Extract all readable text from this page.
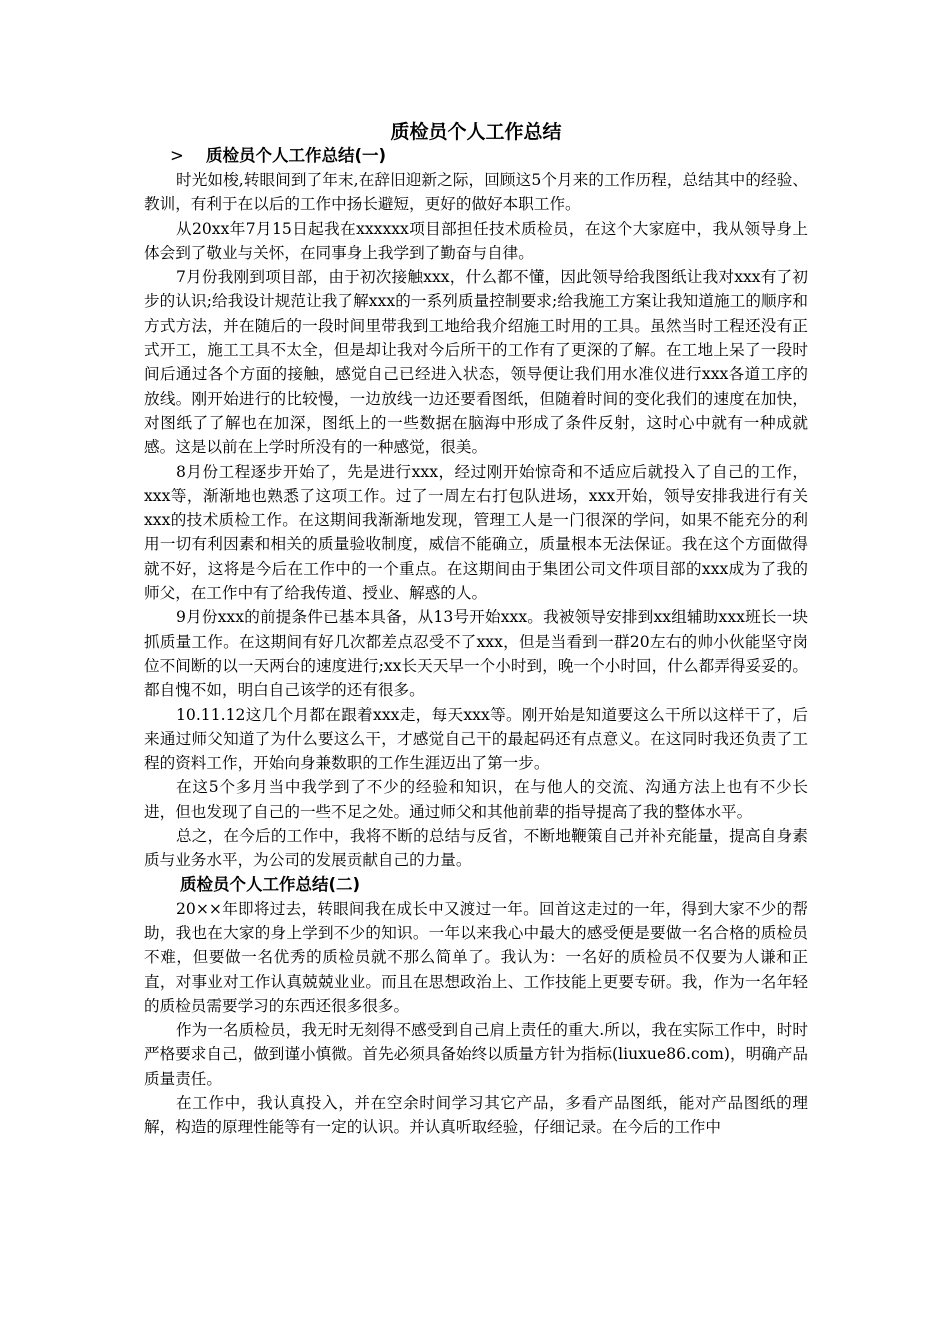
质检员个人工作总结
> 质检员个人工作总结(一)

时光如梭,转眼间到了年末,在辞旧迎新之际，回顾这5个月来的工作历程，总结其中的经验、教训，有利于在以后的工作中扬长避短，更好的做好本职工作。

从20xx年7月15日起我在xxxxxx项目部担任技术质检员，在这个大家庭中，我从领导身上体会到了敬业与关怀，在同事身上我学到了勤奋与自律。

7月份我刚到项目部，由于初次接触xxx，什么都不懂，因此领导给我图纸让我对xxx有了初步的认识;给我设计规范让我了解xxx的一系列质量控制要求;给我施工方案让我知道施工的顺序和方式方法，并在随后的一段时间里带我到工地给我介绍施工时用的工具。虽然当时工程还没有正式开工，施工工具不太全，但是却让我对今后所干的工作有了更深的了解。在工地上呆了一段时间后通过各个方面的接触，感觉自己已经进入状态，领导便让我们用水准仪进行xxx各道工序的放线。刚开始进行的比较慢，一边放线一边还要看图纸，但随着时间的变化我们的速度在加快，对图纸了了解也在加深，图纸上的一些数据在脑海中形成了条件反射，这时心中就有一种成就感。这是以前在上学时所没有的一种感觉，很美。

8月份工程逐步开始了，先是进行xxx，经过刚开始惊奇和不适应后就投入了自己的工作，xxx等，渐渐地也熟悉了这项工作。过了一周左右打包队进场，xxx开始，领导安排我进行有关xxx的技术质检工作。在这期间我渐渐地发现，管理工人是一门很深的学问，如果不能充分的利用一切有利因素和相关的质量验收制度，威信不能确立，质量根本无法保证。我在这个方面做得就不好，这将是今后在工作中的一个重点。在这期间由于集团公司文件项目部的xxx成为了我的师父，在工作中有了给我传道、授业、解惑的人。

9月份xxx的前提条件已基本具备，从13号开始xxx。我被领导安排到xx组辅助xxx班长一块抓质量工作。在这期间有好几次都差点忍受不了xxx，但是当看到一群20左右的帅小伙能坚守岗位不间断的以一天两台的速度进行;xx长天天早一个小时到，晚一个小时回，什么都弄得妥妥的。都自愧不如，明白自己该学的还有很多。

10.11.12这几个月都在跟着xxx走，每天xxx等。刚开始是知道要这么干所以这样干了，后来通过师父知道了为什么要这么干，才感觉自己干的最起码还有点意义。在这同时我还负责了工程的资料工作，开始向身兼数职的工作生涯迈出了第一步。

在这5个多月当中我学到了不少的经验和知识，在与他人的交流、沟通方法上也有不少长进，但也发现了自己的一些不足之处。通过师父和其他前辈的指导提高了我的整体水平。

总之，在今后的工作中，我将不断的总结与反省，不断地鞭策自己并补充能量，提高自身素质与业务水平，为公司的发展贡献自己的力量。

质检员个人工作总结(二)

20××年即将过去，转眼间我在成长中又渡过一年。回首这走过的一年，得到大家不少的帮助，我也在大家的身上学到不少的知识。一年以来我心中最大的感受便是要做一名合格的质检员不难，但要做一名优秀的质检员就不那么简单了。我认为：一名好的质检员不仅要为人谦和正直，对事业对工作认真兢兢业业。而且在思想政治上、工作技能上更要专研。我，作为一名年轻的质检员需要学习的东西还很多很多。

作为一名质检员，我无时无刻得不感受到自己肩上责任的重大.所以，我在实际工作中，时时严格要求自己，做到谨小慎微。首先必须具备始终以质量方针为指标(liuxue86.com)，明确产品质量责任。

在工作中，我认真投入，并在空余时间学习其它产品，多看产品图纸，能对产品图纸的理解，构造的原理性能等有一定的认识。并认真听取经验，仔细记录。在今后的工作中
